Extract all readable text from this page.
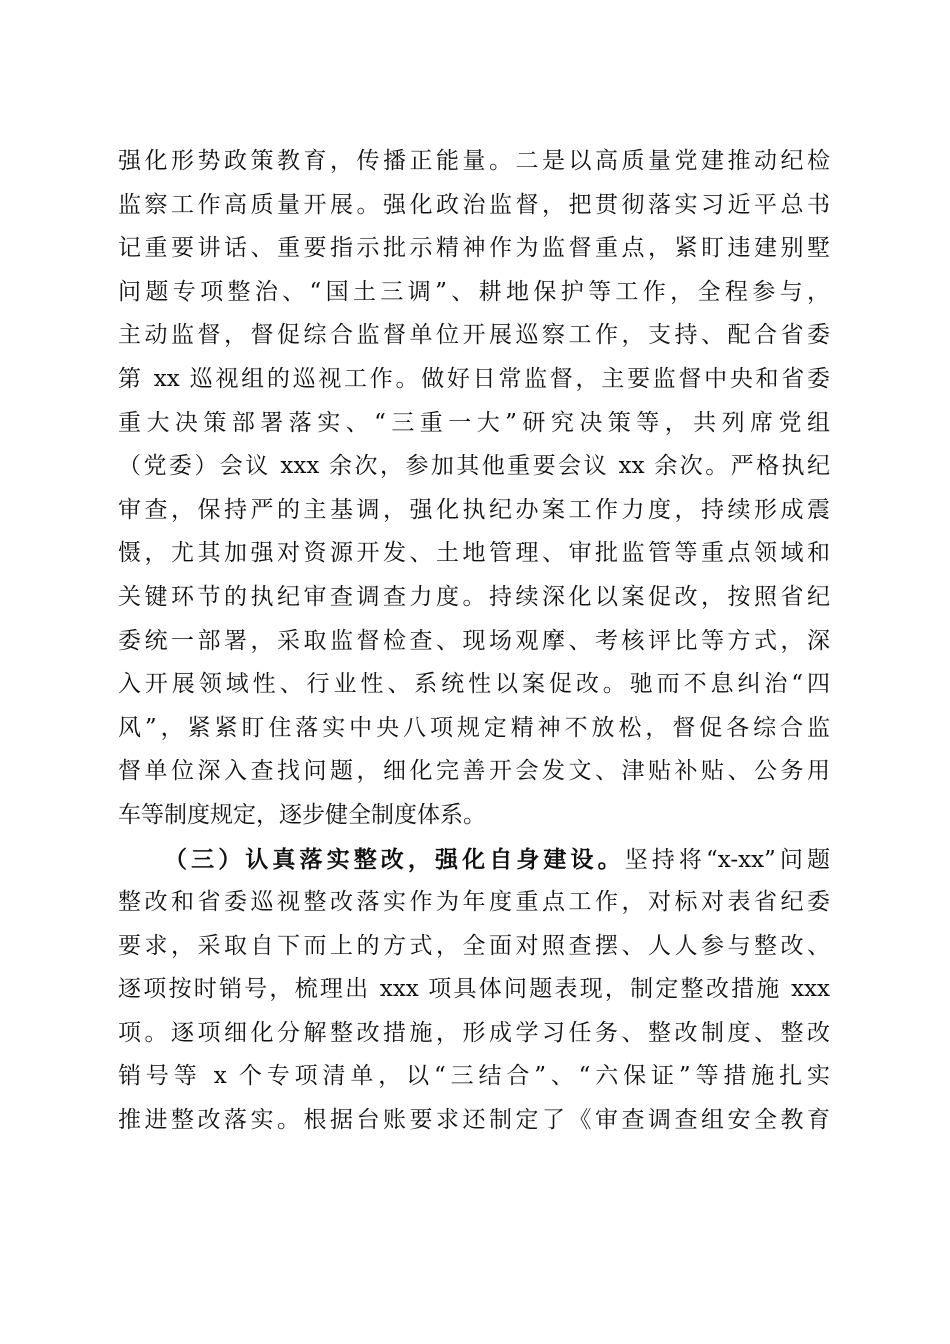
强化形势政策教育，传播正能量。二是以高质量党建推动纪检
监察工作高质量开展。强化政治监督，把贯彻落实习近平总书
记重要讲话、重要指示批示精神作为监督重点，紧盯违建别墅
问题专项整治、“国土三调”、耕地保护等工作，全程参与，
主动监督，督促综合监督单位开展巡察工作，支持、配合省委
第 xx 巡视组的巡视工作。做好日常监督，主要监督中央和省委
重大决策部署落实、“三重一大”研究决策等，共列席党组
（党委）会议 xxx 余次，参加其他重要会议 xx 余次。严格执纪
审查，保持严的主基调，强化执纪办案工作力度，持续形成震
慑，尤其加强对资源开发、土地管理、审批监管等重点领域和
关键环节的执纪审查调查力度。持续深化以案促改，按照省纪
委统一部署，采取监督检查、现场观摩、考核评比等方式，深
入开展领域性、行业性、系统性以案促改。驰而不息纠治“四
风”，紧紧盯住落实中央八项规定精神不放松，督促各综合监
督单位深入查找问题，细化完善开会发文、津贴补贴、公务用
车等制度规定，逐步健全制度体系。
（三）认真落实整改，强化自身建设。坚持将“x-xx”问题
整改和省委巡视整改落实作为年度重点工作，对标对表省纪委
要求，采取自下而上的方式，全面对照查摆、人人参与整改、
逐项按时销号，梳理出 xxx 项具体问题表现，制定整改措施 xxx
项。逐项细化分解整改措施，形成学习任务、整改制度、整改
销号等 x 个专项清单，以“三结合”、“六保证”等措施扎实
推进整改落实。根据台账要求还制定了《审查调查组安全教育
